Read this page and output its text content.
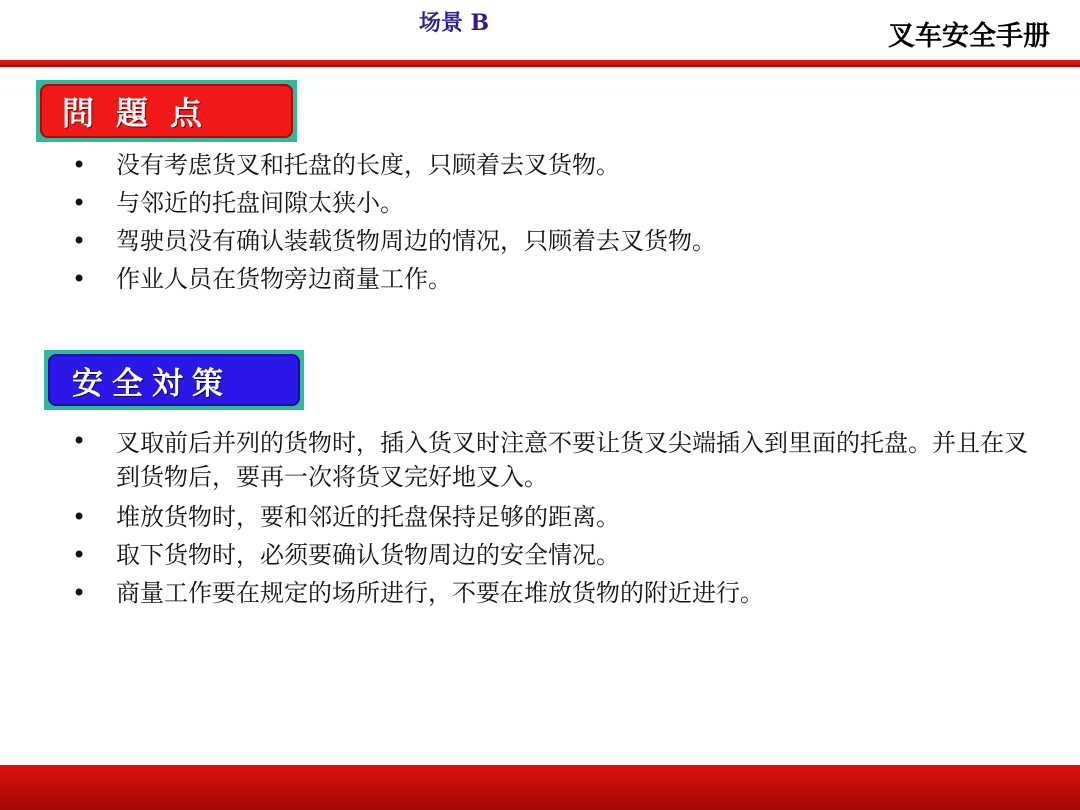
场景 B	叉车安全手册
問題点
• 没有考虑货叉和托盘的长度，只顾着去叉货物。
• 与邻近的托盘间隙太狭小。
• 驾驶员没有确认装载货物周边的情况，只顾着去叉货物。
• 作业人员在货物旁边商量工作。
安全対策
• 叉取前后并列的货物时，插入货叉时注意不要让货叉尖端插入到里面的托盘。并且在叉到货物后，要再一次将货叉完好地叉入。
• 堆放货物时，要和邻近的托盘保持足够的距离。
• 取下货物时，必须要确认货物周边的安全情况。
• 商量工作要在规定的场所进行，不要在堆放货物的附近进行。
